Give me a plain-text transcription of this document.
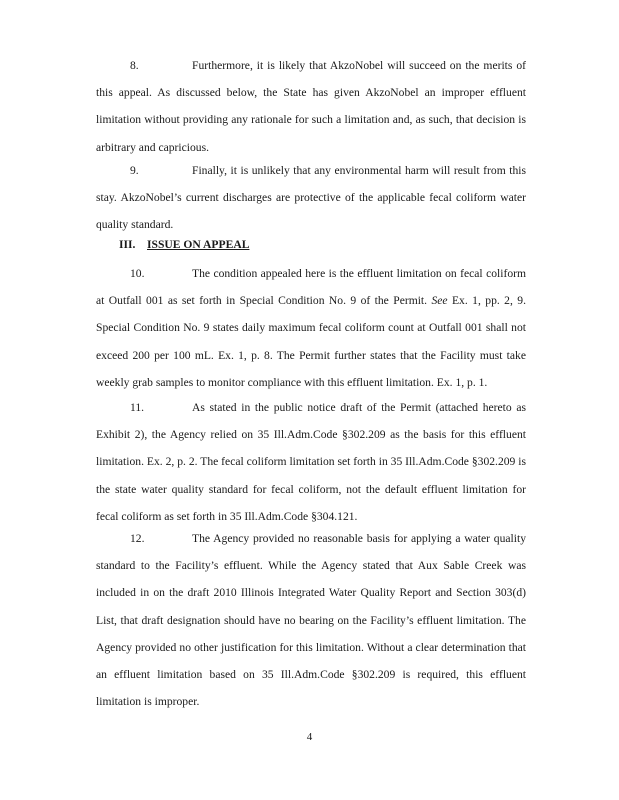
8.	Furthermore, it is likely that AkzoNobel will succeed on the merits of this appeal. As discussed below, the State has given AkzoNobel an improper effluent limitation without providing any rationale for such a limitation and, as such, that decision is arbitrary and capricious.

9.	Finally, it is unlikely that any environmental harm will result from this stay. AkzoNobel’s current discharges are protective of the applicable fecal coliform water quality standard.

III. ISSUE ON APPEAL

10.	The condition appealed here is the effluent limitation on fecal coliform at Outfall 001 as set forth in Special Condition No. 9 of the Permit. See Ex. 1, pp. 2, 9. Special Condition No. 9 states daily maximum fecal coliform count at Outfall 001 shall not exceed 200 per 100 mL. Ex. 1, p. 8. The Permit further states that the Facility must take weekly grab samples to monitor compliance with this effluent limitation. Ex. 1, p. 1.

11.	As stated in the public notice draft of the Permit (attached hereto as Exhibit 2), the Agency relied on 35 Ill.Adm.Code §302.209 as the basis for this effluent limitation. Ex. 2, p. 2. The fecal coliform limitation set forth in 35 Ill.Adm.Code §302.209 is the state water quality standard for fecal coliform, not the default effluent limitation for fecal coliform as set forth in 35 Ill.Adm.Code §304.121.

12.	The Agency provided no reasonable basis for applying a water quality standard to the Facility’s effluent. While the Agency stated that Aux Sable Creek was included in on the draft 2010 Illinois Integrated Water Quality Report and Section 303(d) List, that draft designation should have no bearing on the Facility’s effluent limitation. The Agency provided no other justification for this limitation. Without a clear determination that an effluent limitation based on 35 Ill.Adm.Code §302.209 is required, this effluent limitation is improper.

4
